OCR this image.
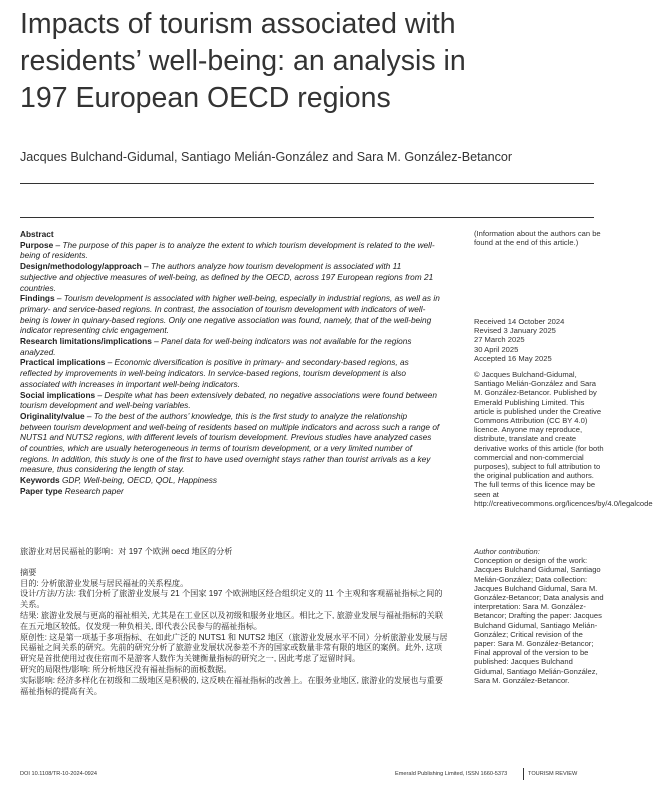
Impacts of tourism associated with
residents’ well-being: an analysis in
197 European OECD regions
Jacques Bulchand-Gidumal, Santiago Melián-González and Sara M. González-Betancor

Abstract

Purpose – The purpose of this paper is to analyze the extent to which tourism development is related to the well-being of residents.

Design/methodology/approach – The authors analyze how tourism development is associated with 11 subjective and objective measures of well-being, as defined by the OECD, across 197 European regions from 21 countries.

Findings – Tourism development is associated with higher well-being, especially in industrial regions, as well as in primary- and service-based regions. In contrast, the association of tourism development with indicators of well-being is lower in quinary-based regions. Only one negative association was found, namely, that of the well-being indicator representing civic engagement.

Research limitations/implications – Panel data for well-being indicators was not available for the regions analyzed.

Practical implications – Economic diversification is positive in primary- and secondary-based regions, as reflected by improvements in well-being indicators. In service-based regions, tourism development is also associated with increases in important well-being indicators.

Social implications – Despite what has been extensively debated, no negative associations were found between tourism development and well-being variables.

Originality/value – To the best of the authors’ knowledge, this is the first study to analyze the relationship between tourism development and well-being of residents based on multiple indicators and across such a range of NUTS1 and NUTS2 regions, with different levels of tourism development. Previous studies have analyzed cases of countries, which are usually heterogeneous in terms of tourism development, or a very limited number of regions. In addition, this study is one of the first to have used overnight stays rather than tourist arrivals as a key measure, thus considering the length of stay.

Keywords GDP, Well-being, OECD, QOL, Happiness

Paper type Research paper

旅游业对居民福祉的影响：对 197 个欧洲 oecd 地区的分析

摘要

目的: 分析旅游业发展与居民福祉的关系程度。

设计/方法/方法: 我们分析了旅游业发展与 21 个国家 197 个欧洲地区经合组织定义的 11 个主观和客观福祉指标之间的关系。

结果: 旅游业发展与更高的福祉相关, 尤其是在工业区以及初级和服务业地区。相比之下, 旅游业发展与福祉指标的关联在五元地区较低。仅发现一种负相关, 即代表公民参与的福祉指标。

原创性: 这是第一项基于多项指标、在如此广泛的 NUTS1 和 NUTS2 地区（旅游业发展水平不同）分析旅游业发展与居民福祉之间关系的研究。先前的研究分析了旅游业发展状况参差不齐的国家或数量非常有限的地区的案例。此外, 这项研究是首批使用过夜住宿而不是游客人数作为关键衡量指标的研究之一, 因此考虑了逗留时间。

研究的局限性/影响: 所分析地区没有福祉指标的面板数据。

实际影响: 经济多样化在初级和二级地区是积极的, 这反映在福祉指标的改善上。在服务业地区, 旅游业的发展也与重要福祉指标的提高有关。

(Information about the authors can be found at the end of this article.)

Received 14 October 2024

Revised 3 January 2025

27 March 2025

30 April 2025

Accepted 16 May 2025

© Jacques Bulchand-Gidumal, Santiago Melián-González and Sara M. González-Betancor. Published by Emerald Publishing Limited. This article is published under the Creative Commons Attribution (CC BY 4.0) licence. Anyone may reproduce, distribute, translate and create derivative works of this article (for both commercial and non-commercial purposes), subject to full attribution to the original publication and authors. The full terms of this licence may be seen at http://creativecommons.org/licences/by/4.0/legalcode

Author contribution:

Conception or design of the work: Jacques Bulchand Gidumal, Santiago Melián-González; Data collection: Jacques Bulchand Gidumal, Sara M. González-Betancor; Data analysis and interpretation: Sara M. González-Betancor; Drafting the paper: Jacques Bulchand Gidumal, Santiago Melián-González; Critical revision of the paper: Sara M. González-Betancor; Final approval of the version to be published: Jacques Bulchand Gidumal, Santiago Melián-González, Sara M. González-Betancor.

DOI 10.1108/TR-10-2024-0924	Emerald Publishing Limited, ISSN 1660-5373	TOURISM REVIEW
